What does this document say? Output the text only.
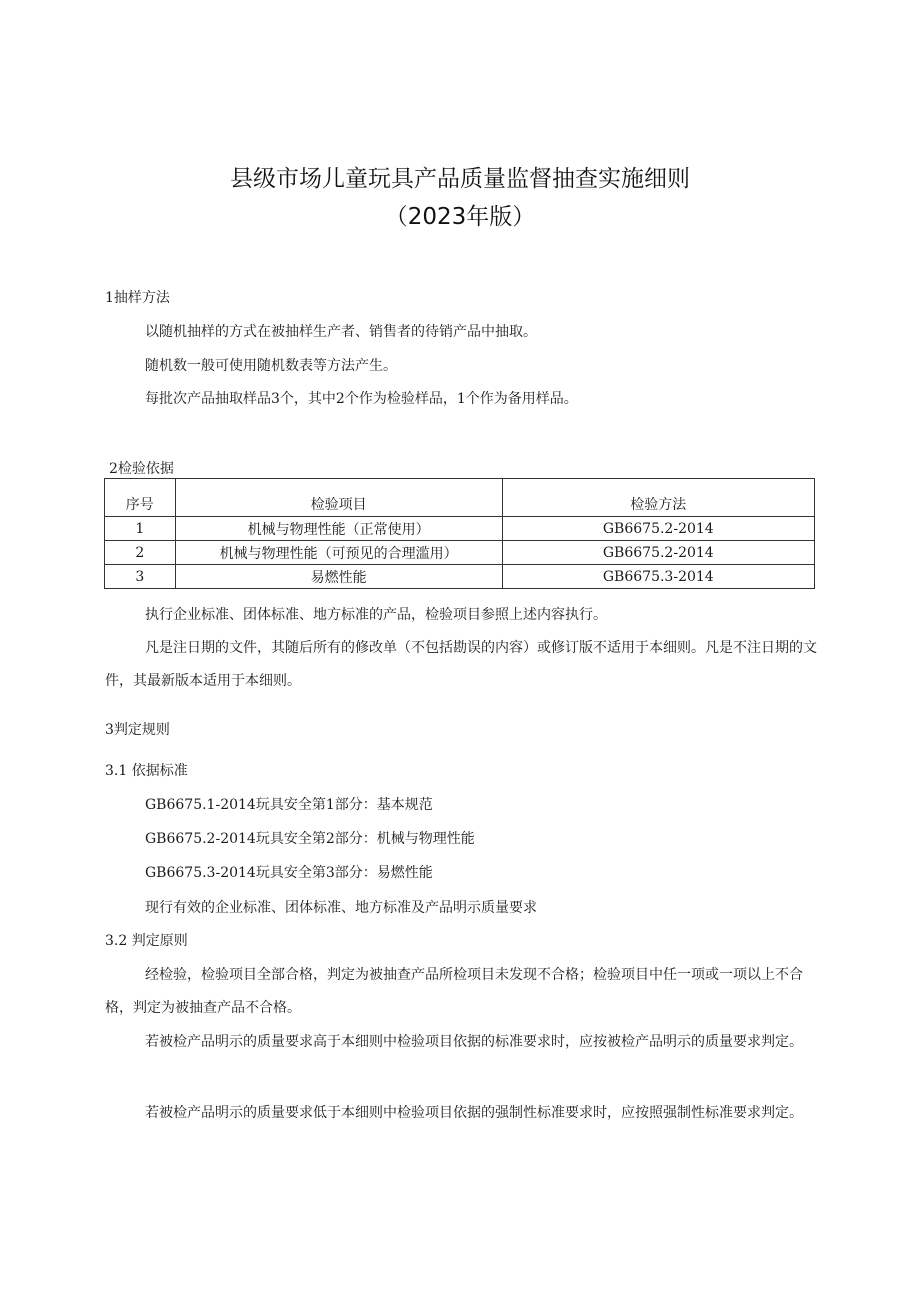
县级市场儿童玩具产品质量监督抽查实施细则
（2023年版）
1抽样方法
以随机抽样的方式在被抽样生产者、销售者的待销产品中抽取。
随机数一般可使用随机数表等方法产生。
每批次产品抽取样品3个，其中2个作为检验样品，1个作为备用样品。
2检验依据
序号	检验项目	检验方法
1	机械与物理性能（正常使用）	GB6675.2-2014
2	机械与物理性能（可预见的合理滥用）	GB6675.2-2014
3	易燃性能	GB6675.3-2014
执行企业标准、团体标准、地方标准的产品，检验项目参照上述内容执行。
凡是注日期的文件，其随后所有的修改单（不包括勘误的内容）或修订版不适用于本细则。凡是不注日期的文件，其最新版本适用于本细则。
3判定规则
3.1 依据标准
GB6675.1-2014玩具安全第1部分：基本规范
GB6675.2-2014玩具安全第2部分：机械与物理性能
GB6675.3-2014玩具安全第3部分：易燃性能
现行有效的企业标准、团体标准、地方标准及产品明示质量要求
3.2 判定原则
经检验，检验项目全部合格，判定为被抽查产品所检项目未发现不合格；检验项目中任一项或一项以上不合格，判定为被抽查产品不合格。
若被检产品明示的质量要求高于本细则中检验项目依据的标准要求时，应按被检产品明示的质量要求判定。
若被检产品明示的质量要求低于本细则中检验项目依据的强制性标准要求时，应按照强制性标准要求判定。
